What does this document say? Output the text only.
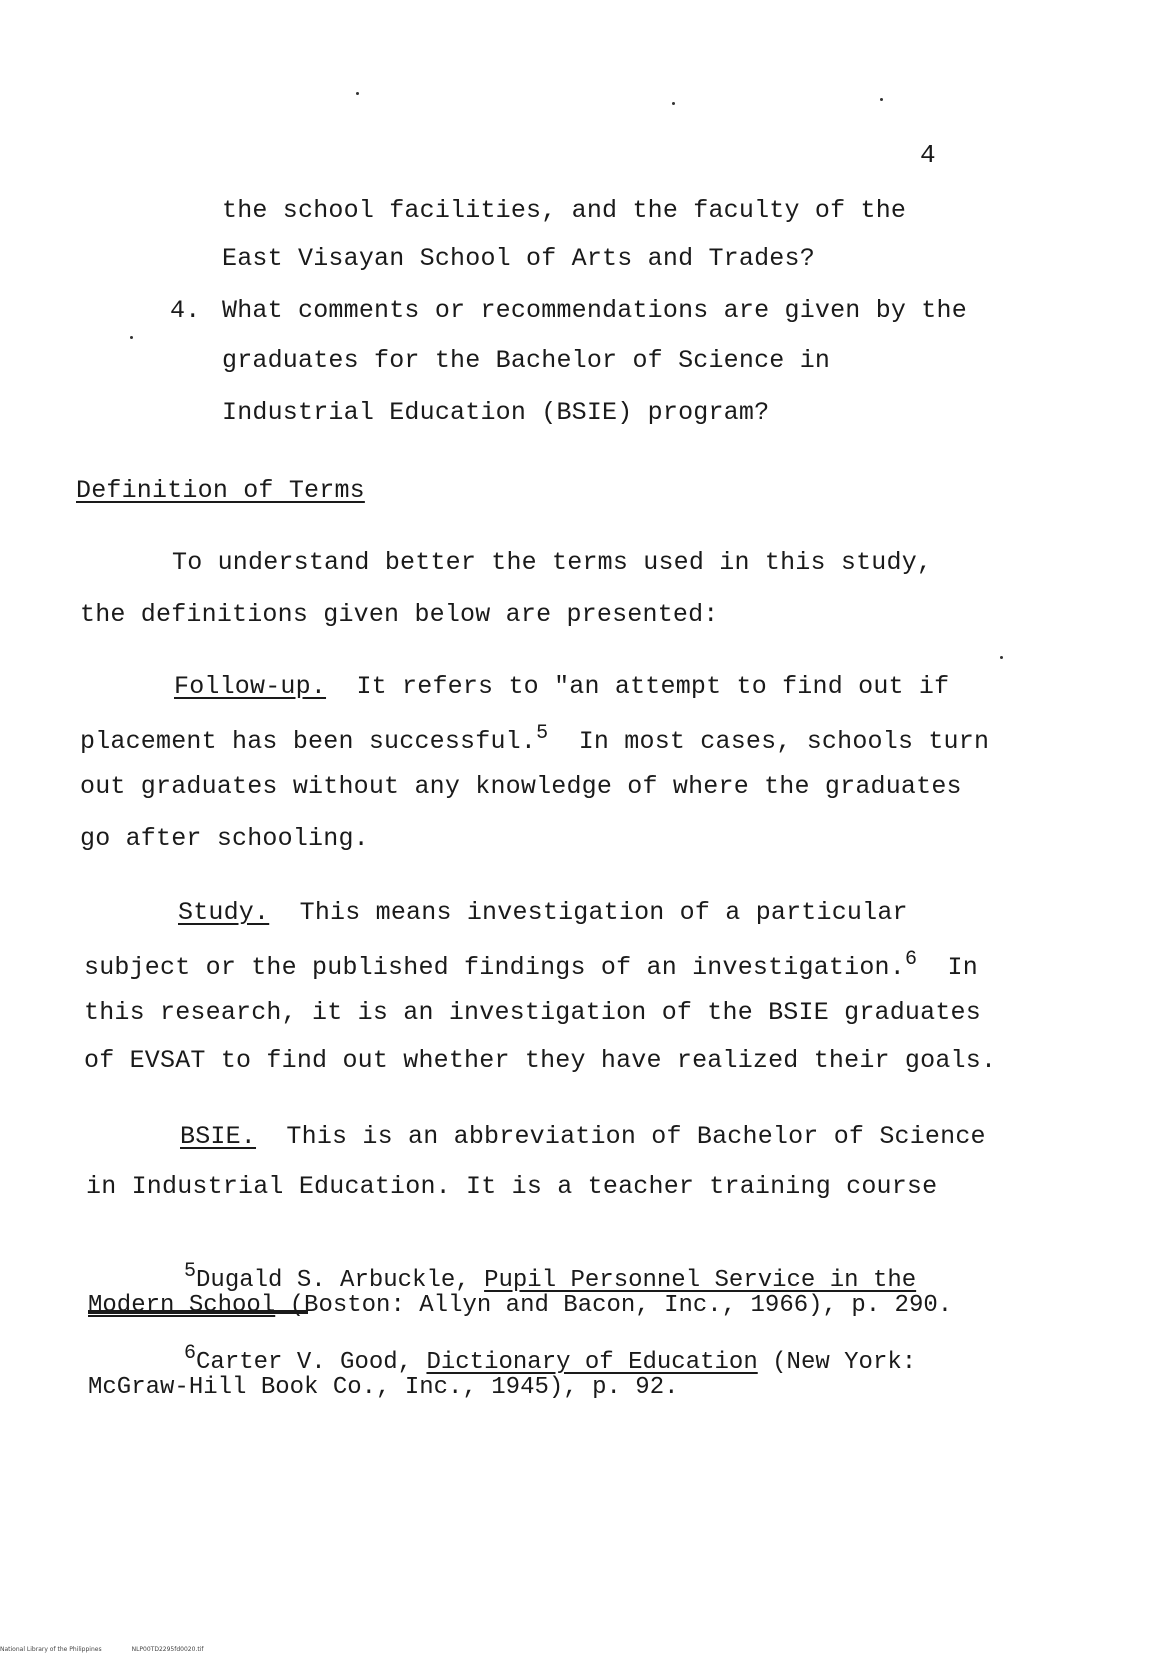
4
the school facilities, and the faculty of the
East Visayan School of Arts and Trades?
4. What comments or recommendations are given by the
graduates for the Bachelor of Science in
Industrial Education (BSIE) program?
Definition of Terms
To understand better the terms used in this study,
the definitions given below are presented:
Follow-up. It refers to "an attempt to find out if
placement has been successful.$^5$ In most cases, schools turn
out graduates without any knowledge of where the graduates
go after schooling.
Study. This means investigation of a particular
subject or the published findings of an investigation.$^6$ In
this research, it is an investigation of the BSIE graduates
of EVSAT to find out whether they have realized their goals.
BSIE. This is an abbreviation of Bachelor of Science
in Industrial Education. It is a teacher training course
$^5$Dugald S. Arbuckle, Pupil Personnel Service in the
Modern School (Boston: Allyn and Bacon, Inc., 1966), p. 290.
$^6$Carter V. Good, Dictionary of Education (New York:
McGraw-Hill Book Co., Inc., 1945), p. 92.
National Library of the Philippines	NLP00TD2295fd0020.tif
